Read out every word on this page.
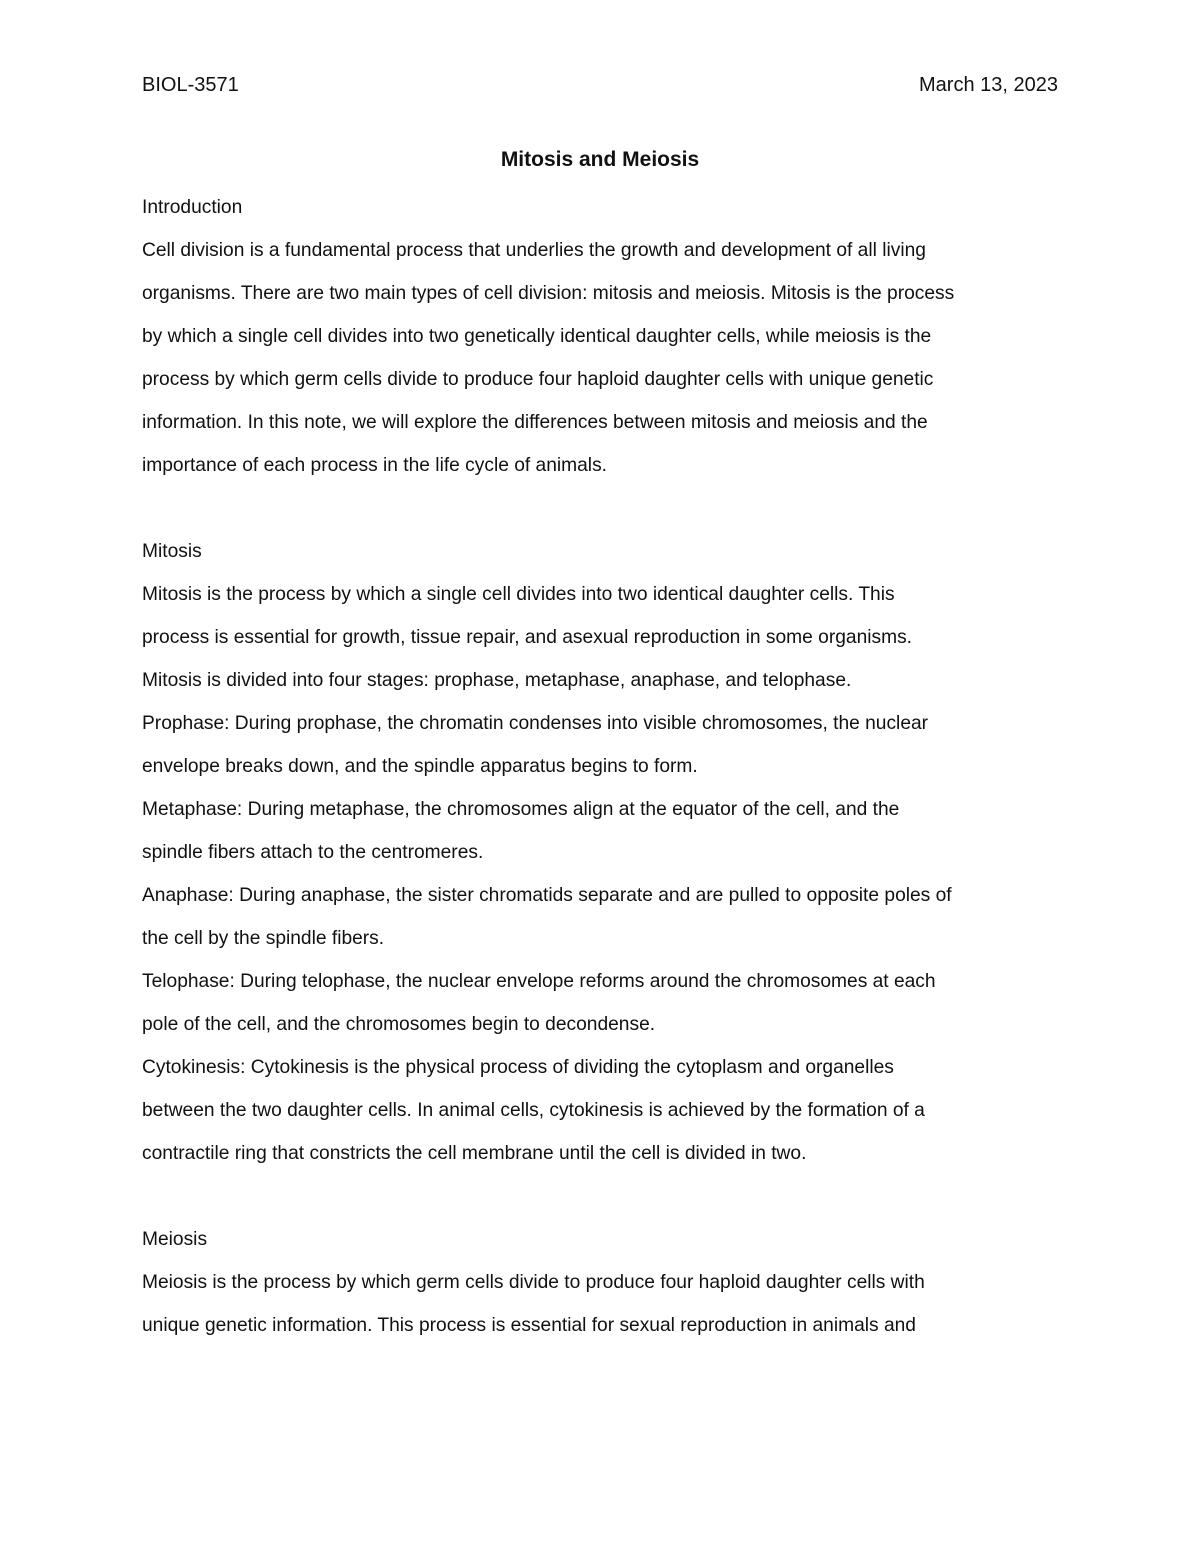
BIOL-3571	March 13, 2023
Mitosis and Meiosis

Introduction

Cell division is a fundamental process that underlies the growth and development of all living

organisms. There are two main types of cell division: mitosis and meiosis. Mitosis is the process

by which a single cell divides into two genetically identical daughter cells, while meiosis is the

process by which germ cells divide to produce four haploid daughter cells with unique genetic

information. In this note, we will explore the differences between mitosis and meiosis and the

importance of each process in the life cycle of animals.

Mitosis

Mitosis is the process by which a single cell divides into two identical daughter cells. This

process is essential for growth, tissue repair, and asexual reproduction in some organisms.

Mitosis is divided into four stages: prophase, metaphase, anaphase, and telophase.

Prophase: During prophase, the chromatin condenses into visible chromosomes, the nuclear

envelope breaks down, and the spindle apparatus begins to form.

Metaphase: During metaphase, the chromosomes align at the equator of the cell, and the

spindle fibers attach to the centromeres.

Anaphase: During anaphase, the sister chromatids separate and are pulled to opposite poles of

the cell by the spindle fibers.

Telophase: During telophase, the nuclear envelope reforms around the chromosomes at each

pole of the cell, and the chromosomes begin to decondense.

Cytokinesis: Cytokinesis is the physical process of dividing the cytoplasm and organelles

between the two daughter cells. In animal cells, cytokinesis is achieved by the formation of a

contractile ring that constricts the cell membrane until the cell is divided in two.

Meiosis

Meiosis is the process by which germ cells divide to produce four haploid daughter cells with

unique genetic information. This process is essential for sexual reproduction in animals and
